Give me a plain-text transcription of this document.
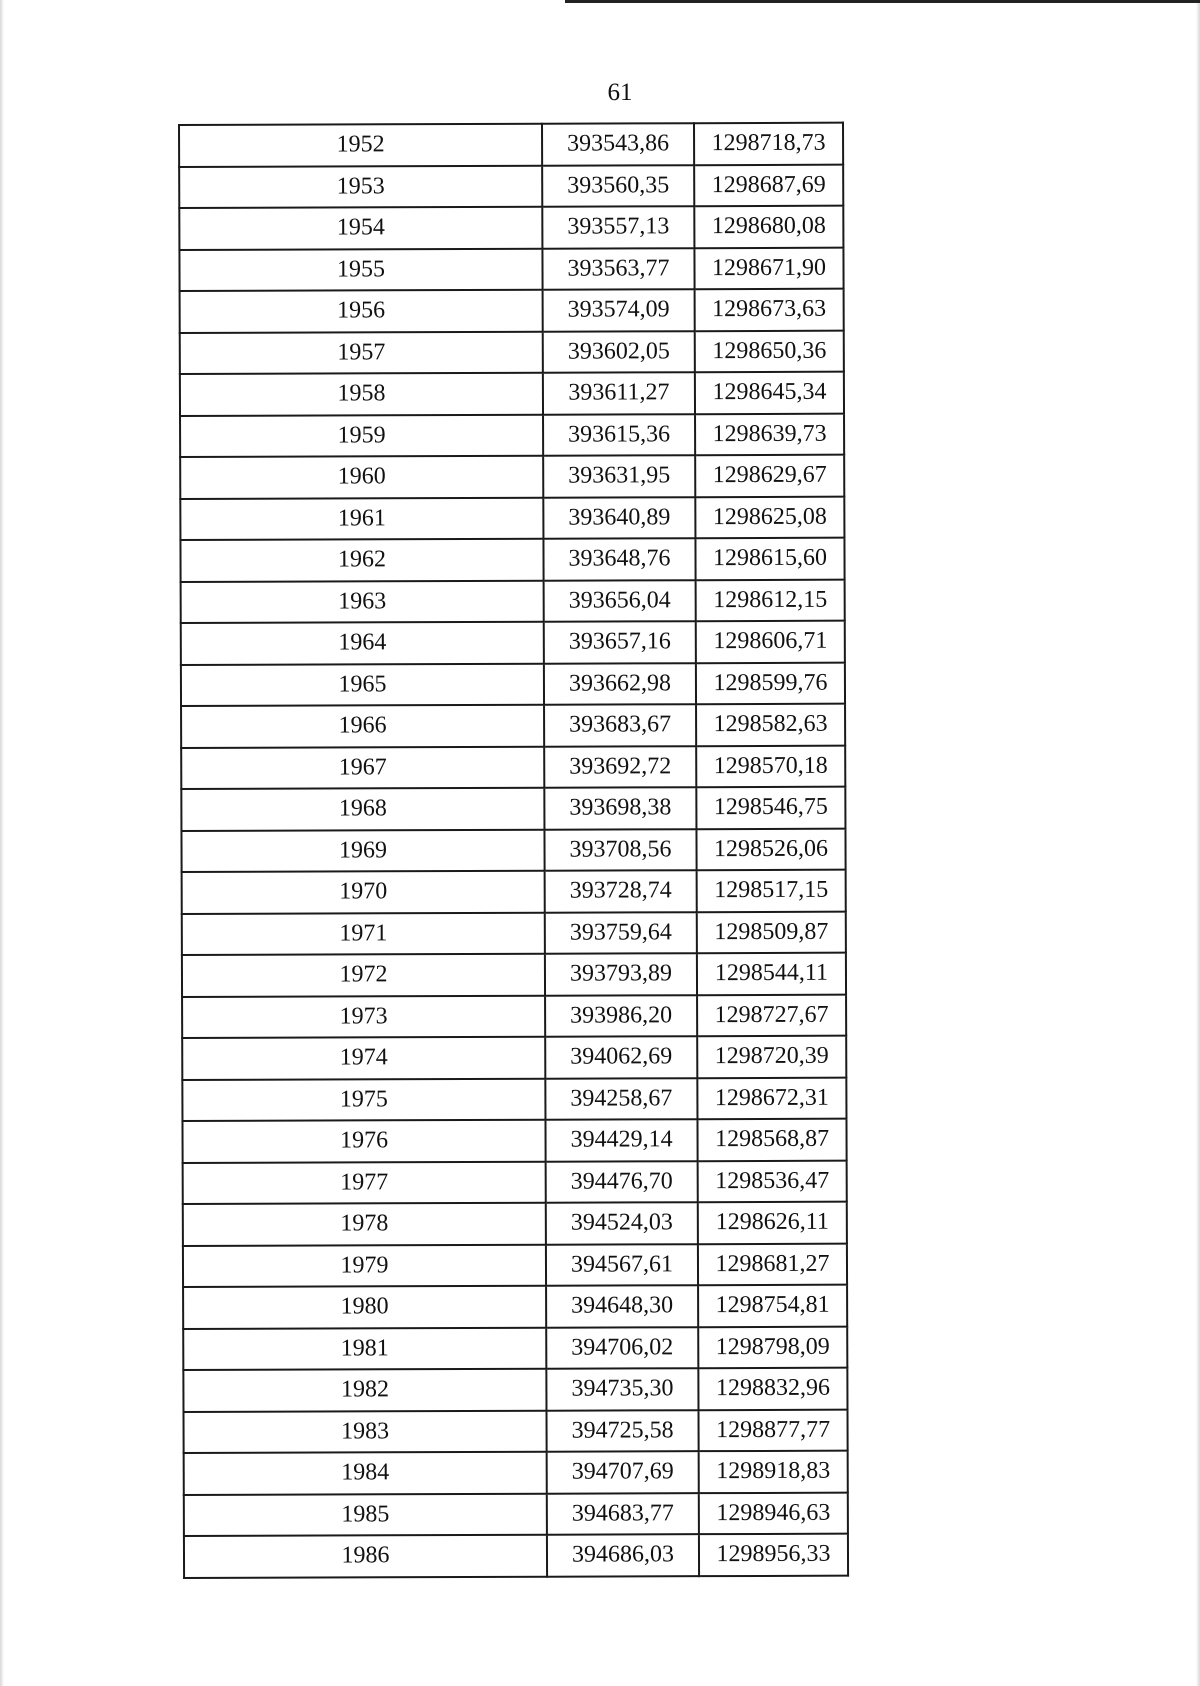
61
1952	393543,86	1298718,73
1953	393560,35	1298687,69
1954	393557,13	1298680,08
1955	393563,77	1298671,90
1956	393574,09	1298673,63
1957	393602,05	1298650,36
1958	393611,27	1298645,34
1959	393615,36	1298639,73
1960	393631,95	1298629,67
1961	393640,89	1298625,08
1962	393648,76	1298615,60
1963	393656,04	1298612,15
1964	393657,16	1298606,71
1965	393662,98	1298599,76
1966	393683,67	1298582,63
1967	393692,72	1298570,18
1968	393698,38	1298546,75
1969	393708,56	1298526,06
1970	393728,74	1298517,15
1971	393759,64	1298509,87
1972	393793,89	1298544,11
1973	393986,20	1298727,67
1974	394062,69	1298720,39
1975	394258,67	1298672,31
1976	394429,14	1298568,87
1977	394476,70	1298536,47
1978	394524,03	1298626,11
1979	394567,61	1298681,27
1980	394648,30	1298754,81
1981	394706,02	1298798,09
1982	394735,30	1298832,96
1983	394725,58	1298877,77
1984	394707,69	1298918,83
1985	394683,77	1298946,63
1986	394686,03	1298956,33
